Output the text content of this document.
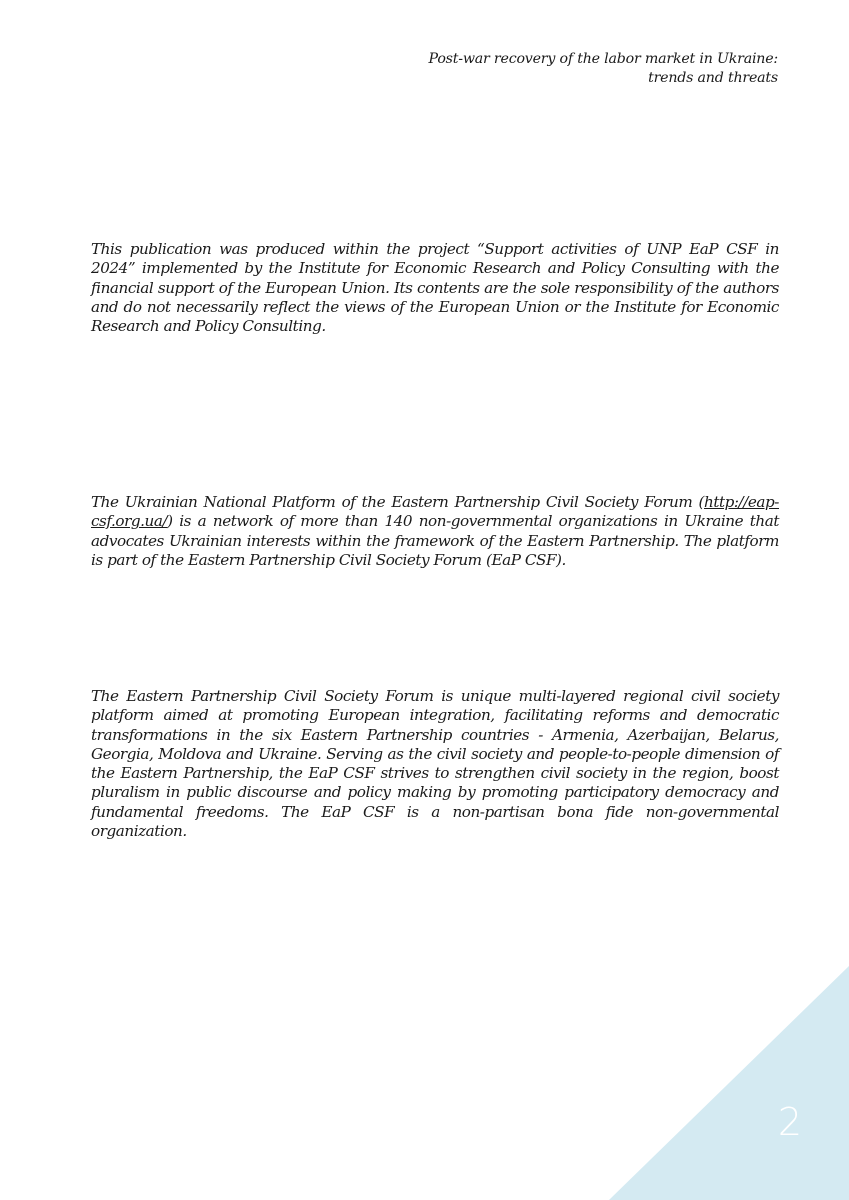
Post-war recovery of the labor market in Ukraine:
trends and threats

This publication was produced within the project “Support activities of UNP EaP CSF in 2024” implemented by the Institute for Economic Research and Policy Consulting with the financial support of the European Union. Its contents are the sole responsibility of the authors and do not necessarily reflect the views of the European Union or the Institute for Economic Research and Policy Consulting.

The Ukrainian National Platform of the Eastern Partnership Civil Society Forum (http://eap-csf.org.ua/) is a network of more than 140 non-governmental organizations in Ukraine that advocates Ukrainian interests within the framework of the Eastern Partnership. The platform is part of the Eastern Partnership Civil Society Forum (EaP CSF).

The Eastern Partnership Civil Society Forum is unique multi-layered regional civil society platform aimed at promoting European integration, facilitating reforms and democratic transformations in the six Eastern Partnership countries - Armenia, Azerbaijan, Belarus, Georgia, Moldova and Ukraine. Serving as the civil society and people-to-people dimension of the Eastern Partnership, the EaP CSF strives to strengthen civil society in the region, boost pluralism in public discourse and policy making by promoting participatory democracy and fundamental freedoms. The EaP CSF is a non-partisan bona fide non-governmental organization.

2
